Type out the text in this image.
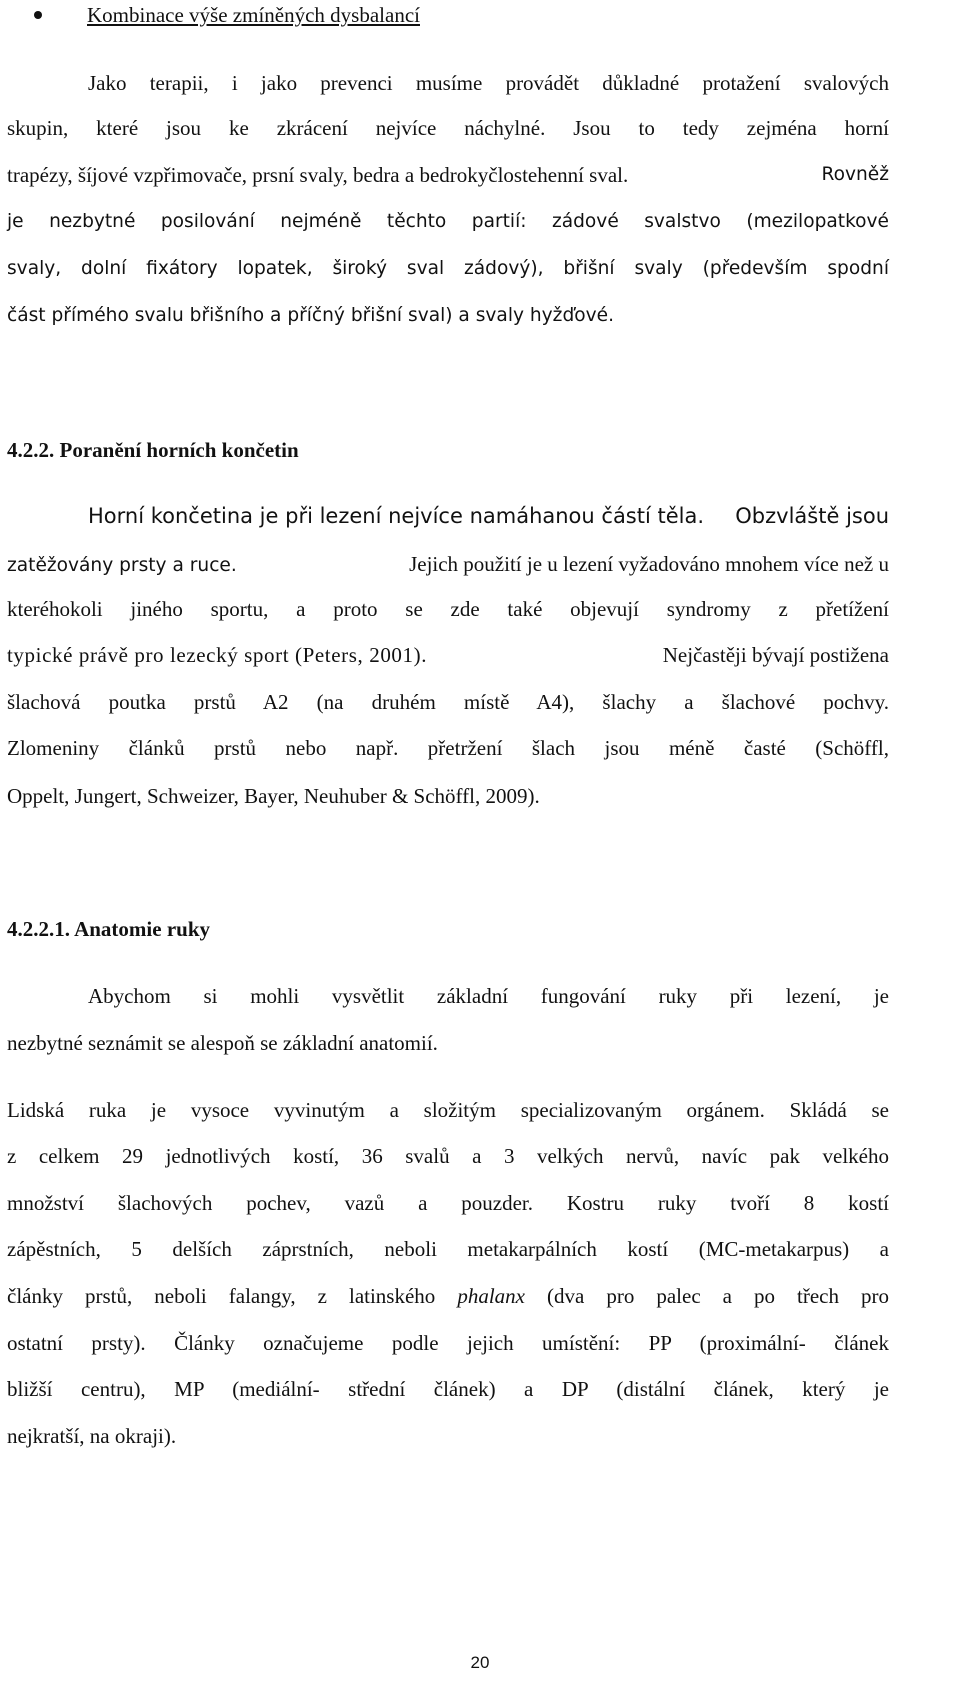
Kombinace výše zmíněných dysbalancí
Jako terapii, i jako prevenci musíme provádět důkladné protažení svalových
skupin, které jsou ke zkrácení nejvíce náchylné. Jsou to tedy zejména horní
trapézy, šíjové vzpřimovače, prsní svaly, bedra a bedrokyčlostehenní sval.	Rovněž
je nezbytné posilování nejméně těchto partií: zádové svalstvo (mezilopatkové
svaly, dolní fixátory lopatek, široký sval zádový), břišní svaly (především spodní
část přímého svalu břišního a příčný břišní sval) a svaly hyžďové.
4.2.2. Poranění horních končetin
Horní končetina je při lezení nejvíce namáhanou částí těla. Obzvláště jsou
zatěžovány prsty a ruce.	Jejich použití je u lezení vyžadováno mnohem více než u
kteréhokoli jiného sportu, a proto se zde také objevují syndromy z přetížení
typické právě pro lezecký sport (Peters, 2001).	Nejčastěji bývají postižena
šlachová poutka prstů A2 (na druhém místě A4), šlachy a šlachové pochvy.
Zlomeniny článků prstů nebo např. přetržení šlach jsou méně časté (Schöffl,
Oppelt, Jungert, Schweizer, Bayer, Neuhuber & Schöffl, 2009).
4.2.2.1. Anatomie ruky
Abychom si mohli vysvětlit základní fungování ruky při lezení, je
nezbytné seznámit se alespoň se základní anatomií.
Lidská ruka je vysoce vyvinutým a složitým specializovaným orgánem. Skládá se
z celkem 29 jednotlivých kostí, 36 svalů a 3 velkých nervů, navíc pak velkého
množství šlachových pochev, vazů a pouzder. Kostru ruky tvoří 8 kostí
zápěstních, 5 delších záprstních, neboli metakarpálních kostí (MC-metakarpus) a
články prstů, neboli falangy, z latinského phalanx (dva pro palec a po třech pro
ostatní prsty). Články označujeme podle jejich umístění: PP (proximální- článek
bližší centru), MP (mediální- střední článek) a DP (distální článek, který je
nejkratší, na okraji).
20
